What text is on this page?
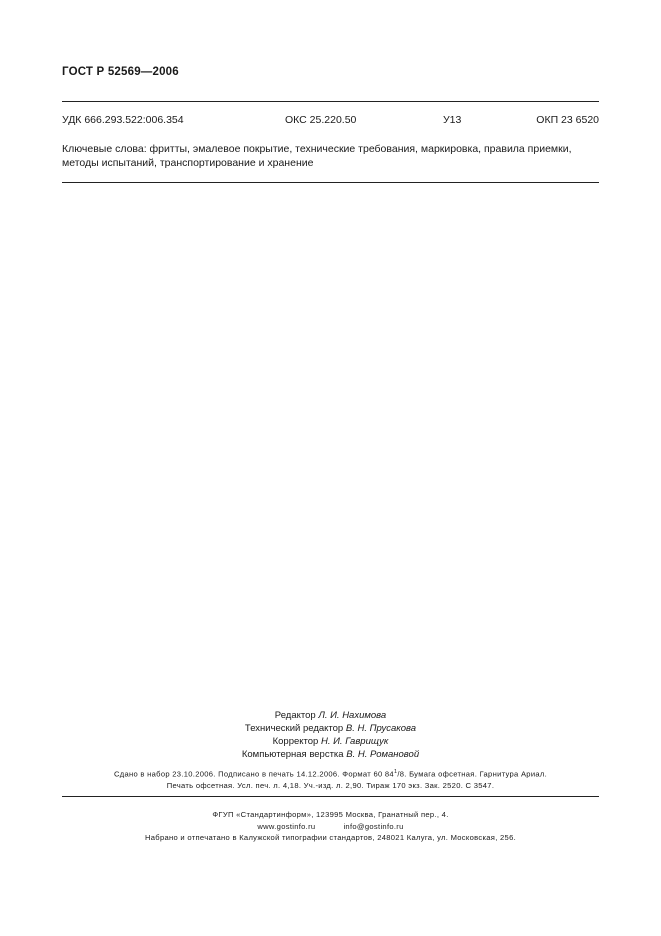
ГОСТ Р 52569—2006
УДК 666.293.522:006.354	ОКС 25.220.50	У13	ОКП 23 6520
Ключевые слова: фритты, эмалевое покрытие, технические требования, маркировка, правила приемки,
методы испытаний, транспортирование и хранение
Редактор Л. И. Нахимова
Технический редактор В. Н. Прусакова
Корректор Н. И. Гаврищук
Компьютерная верстка В. Н. Романовой
Сдано в набор 23.10.2006. Подписано в печать 14.12.2006. Формат 60 $84^1/8$. Бумага офсетная. Гарнитура Ариал.
Печать офсетная. Усл. печ. л. 4,18. Уч.-изд. л. 2,90. Тираж 170 экз. Зак. 2520. С 3547.
ФГУП «Стандартинформ», 123995 Москва, Гранатный пер., 4.
www.gostinfo.ru	info@gostinfo.ru
Набрано и отпечатано в Калужской типографии стандартов, 248021 Калуга, ул. Московская, 256.
